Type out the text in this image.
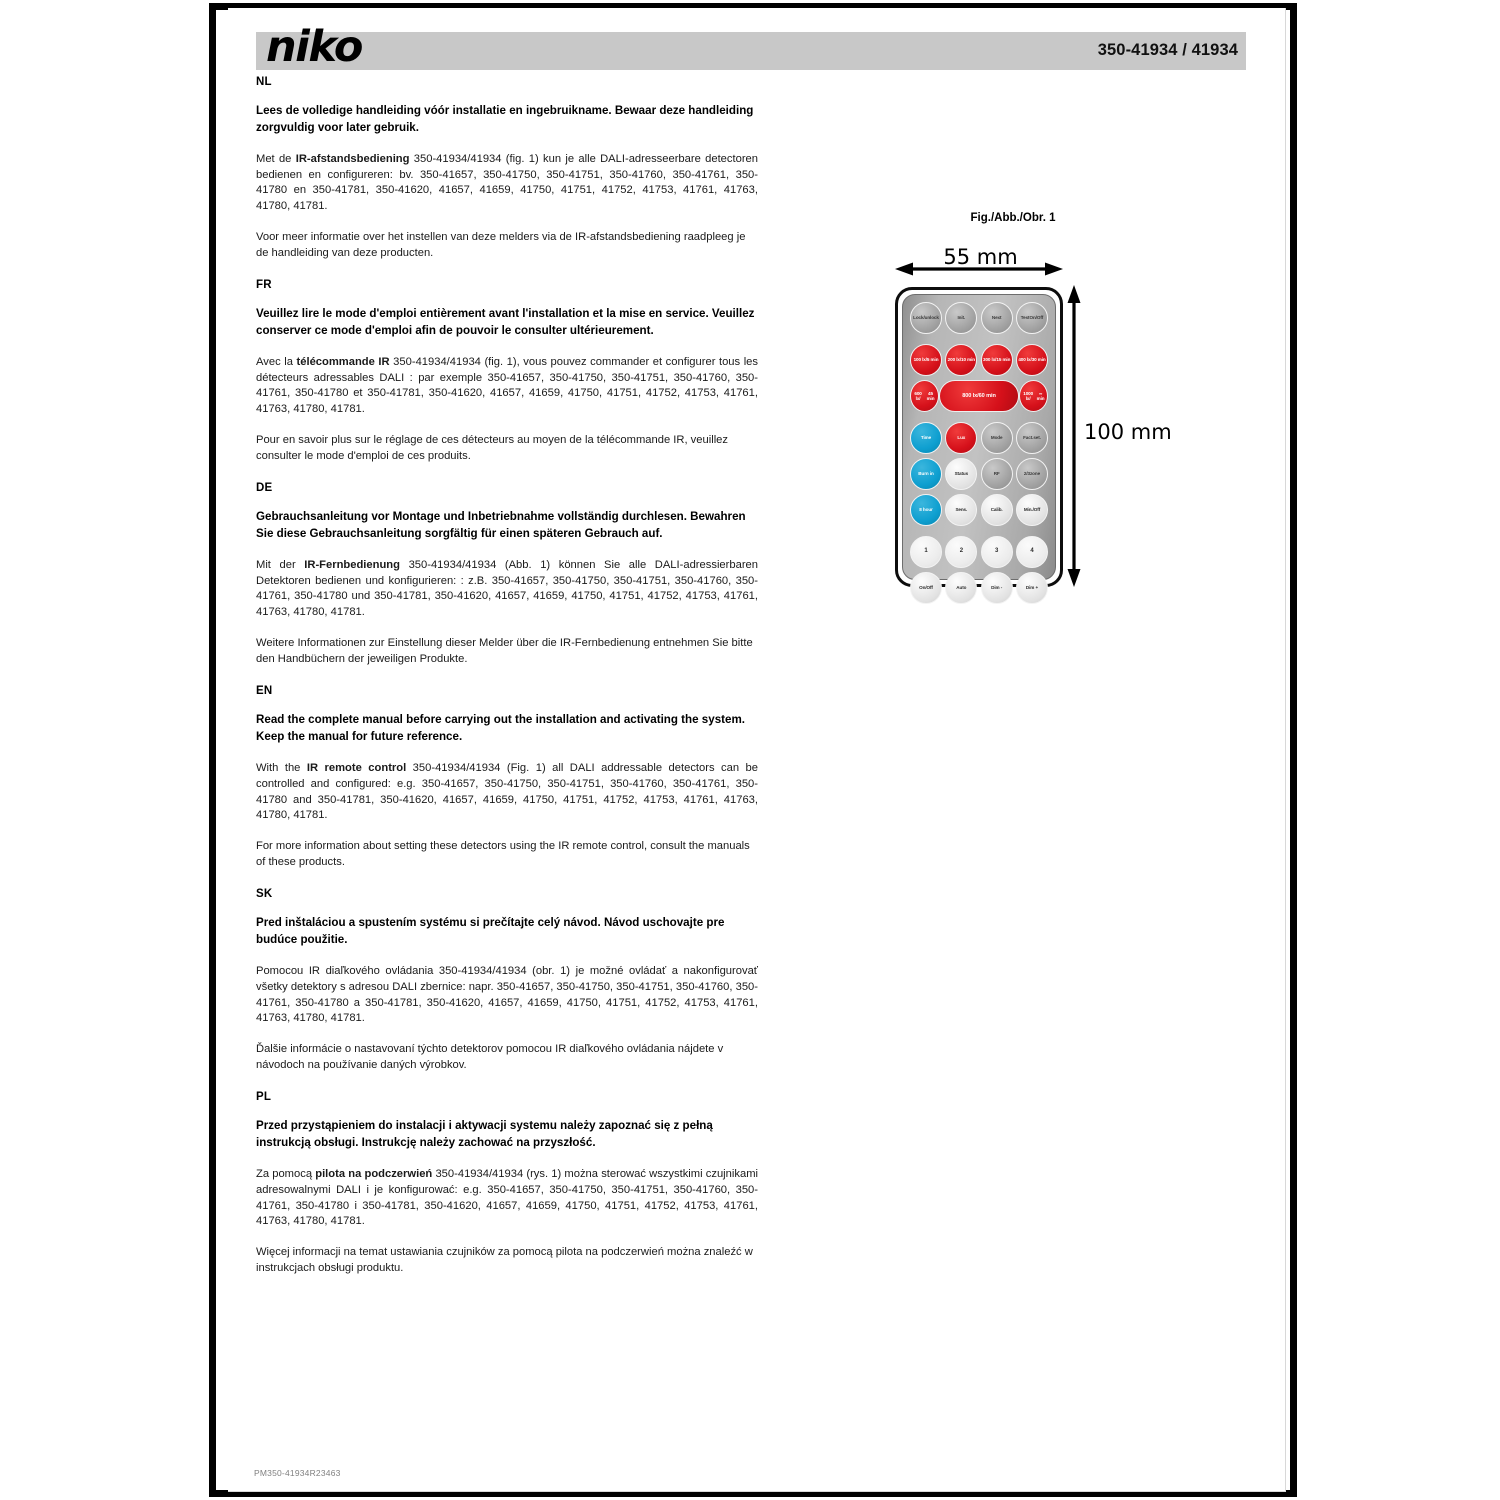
niko	350-41934 / 41934
NL

Lees de volledige handleiding vóór installatie en ingebruikname. Bewaar deze handleiding zorgvuldig voor later gebruik.

Met de IR-afstandsbediening 350-41934/41934 (fig. 1) kun je alle DALI-adresseerbare detectoren bedienen en configureren: bv. 350-41657, 350-41750, 350-41751, 350-41760, 350-41761, 350-41780 en 350-41781, 350-41620, 41657, 41659, 41750, 41751, 41752, 41753, 41761, 41763, 41780, 41781.

Voor meer informatie over het instellen van deze melders via de IR-afstandsbediening raadpleeg je de handleiding van deze producten.

FR

Veuillez lire le mode d'emploi entièrement avant l'installation et la mise en service. Veuillez conserver ce mode d'emploi afin de pouvoir le consulter ultérieurement.

Avec la télécommande IR 350-41934/41934 (fig. 1), vous pouvez commander et configurer tous les détecteurs adressables DALI : par exemple 350-41657, 350-41750, 350-41751, 350-41760, 350-41761, 350-41780 et 350-41781, 350-41620, 41657, 41659, 41750, 41751, 41752, 41753, 41761, 41763, 41780, 41781.

Pour en savoir plus sur le réglage de ces détecteurs au moyen de la télécommande IR, veuillez consulter le mode d'emploi de ces produits.

DE

Gebrauchsanleitung vor Montage und Inbetriebnahme vollständig durchlesen. Bewahren Sie diese Gebrauchsanleitung sorgfältig für einen späteren Gebrauch auf.

Mit der IR-Fernbedienung 350-41934/41934 (Abb. 1) können Sie alle DALI-adressierbaren Detektoren bedienen und konfigurieren: : z.B. 350-41657, 350-41750, 350-41751, 350-41760, 350-41761, 350-41780 und 350-41781, 350-41620, 41657, 41659, 41750, 41751, 41752, 41753, 41761, 41763, 41780, 41781.

Weitere Informationen zur Einstellung dieser Melder über die IR-Fernbedienung entnehmen Sie bitte den Handbüchern der jeweiligen Produkte.

EN

Read the complete manual before carrying out the installation and activating the system. Keep the manual for future reference.

With the IR remote control 350-41934/41934 (Fig. 1) all DALI addressable detectors can be controlled and configured: e.g. 350-41657, 350-41750, 350-41751, 350-41760, 350-41761, 350-41780 and 350-41781, 350-41620, 41657, 41659, 41750, 41751, 41752, 41753, 41761, 41763, 41780, 41781.

For more information about setting these detectors using the IR remote control, consult the manuals of these products.

SK

Pred inštaláciou a spustením systému si prečítajte celý návod. Návod uschovajte pre budúce použitie.

Pomocou IR diaľkového ovládania 350-41934/41934 (obr. 1) je možné ovládať a nakonfigurovať všetky detektory s adresou DALI zbernice: napr. 350-41657, 350-41750, 350-41751, 350-41760, 350-41761, 350-41780 a 350-41781, 350-41620, 41657, 41659, 41750, 41751, 41752, 41753, 41761, 41763, 41780, 41781.

Ďalšie informácie o nastavovaní týchto detektorov pomocou IR diaľkového ovládania nájdete v návodoch na používanie daných výrobkov.

PL

Przed przystąpieniem do instalacji i aktywacji systemu należy zapoznać się z pełną instrukcją obsługi. Instrukcję należy zachować na przyszłość.

Za pomocą pilota na podczerwień 350-41934/41934 (rys. 1) można sterować wszystkimi czujnikami adresowalnymi DALI i je konfigurować: e.g. 350-41657, 350-41750, 350-41751, 350-41760, 350-41761, 350-41780 i 350-41781, 350-41620, 41657, 41659, 41750, 41751, 41752, 41753, 41761, 41763, 41780, 41781.

Więcej informacji na temat ustawiania czujników za pomocą pilota na podczerwień można znaleźć w instrukcjach obsługi produktu.

Fig./Abb./Obr. 1
55 mm
100 mm
Lock/ unlock	Init.	Next	Test On/Off
100 lx/ 5 min 200 lx/ 10 min 300 lx/ 15 min 400 lx/ 30 min
600 lx/
45 min	800 lx/ 60 min	1000 lx/
∞ min
Time	Lux	Mode	Fact. set.
Burn in	Status	RF	2/3 zone
8 hour	Sens.	Calib.	Min./ Off
1	2	3	4
On/Off	Auto	Dim -	Dim +
PM350-41934R23463
